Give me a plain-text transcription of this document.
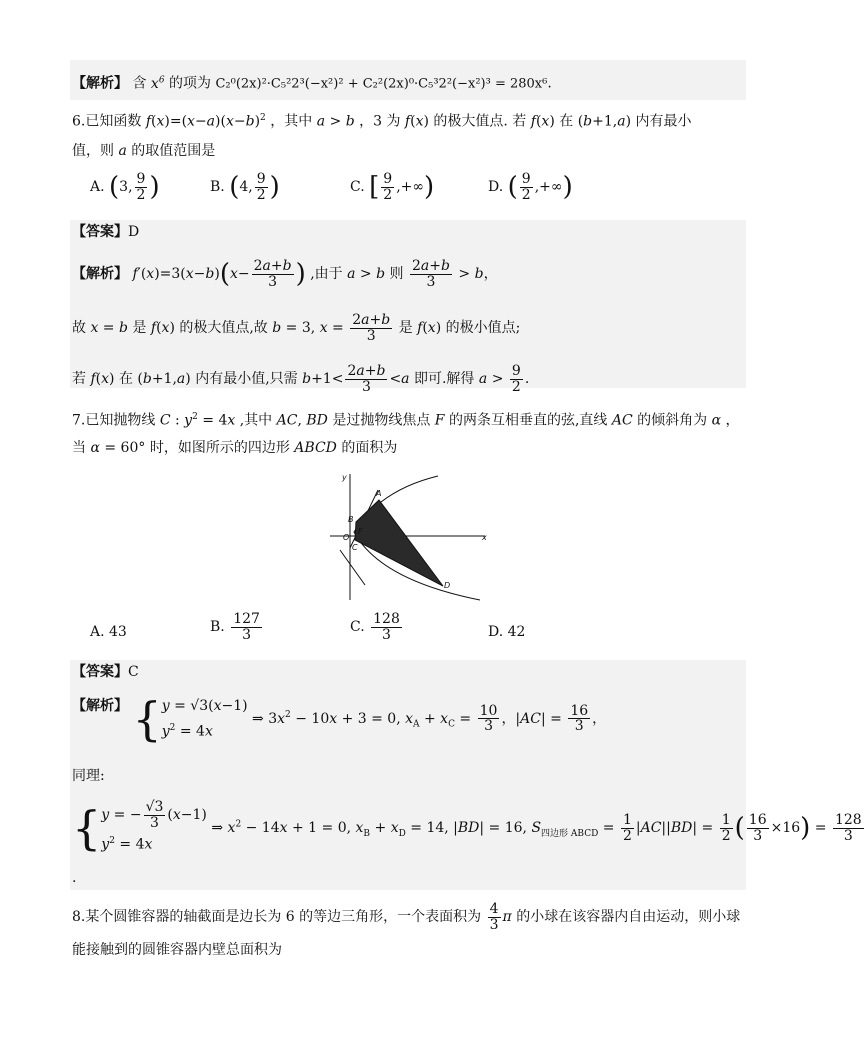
【解析】 含 $x^6$ 的项为 C₂⁰(2x)²·C₅²2³(−x²)² + C₂²(2x)⁰·C₅³2²(−x²)³ = 280x⁶.
6.已知函数 $f(x)=(x-a)(x-b)^2$ ，其中 a > b ，3 为 f(x) 的极大值点. 若 f(x) 在 (b+1,a) 内有最小
值，则 a 的取值范围是
A. (3, $\frac{9}{2}$ )	B. (4, $\frac{9}{2}$ )	C. [ $\frac{9}{2}$ ,+∞)	D. ( $\frac{9}{2}$ ,+∞)
【答案】D
【解析】 $f'(x)=3(x-b)(x- \frac{2a+b}{3}$ ) ,由于 a > b 则 $\frac{2a+b}{3} > b$，
故 x = b 是 f(x) 的极大值点,故 b = 3, $x = \frac{2a+b}{3}$ 是 f(x) 的极小值点;
若 f(x) 在 (b+1,a) 内有最小值,只需 $b+1< \frac{2a+b}{3} <a$ 即可.解得 $a > \frac{9}{2}$ .
7.已知抛物线 C : $y^2 = 4x$ ,其中 AC, BD 是过抛物线焦点 F 的两条互相垂直的弦,直线 AC 的倾斜角为 α ，
当 α = 60° 时，如图所示的四边形 ABCD 的面积为
y
x
A
B
C
D
O
F
A. 43	B. $\frac{127}{3}$	C. $\frac{128}{3}$	D. 42
【答案】C
【解析】 { y = √3(x−1)
$y^2 = 4x$
⇒ $3x^2 - 10x + 3 = 0$, $x_A + x_C = \frac{10}{3}$ ，$|AC| = \frac{16}{3}$ ，
同理:
{ y = − $\frac{√3}{3} (x-1)$
$y^2 = 4x$
⇒ $x^2 - 14x + 1 = 0$, $x_B + x_D = 14$, |BD| = 16, $S_{四边形 ABCD} = \frac{1}{2} |AC||BD| = \frac{1}{2}$ ( $\frac{16}{3} \times 16) = \frac{128}{3}$
.
8.某个圆锥容器的轴截面是边长为 6 的等边三角形，一个表面积为 $\frac{4}{3}$ π 的小球在该容器内自由运动，则小球
能接触到的圆锥容器内壁总面积为
